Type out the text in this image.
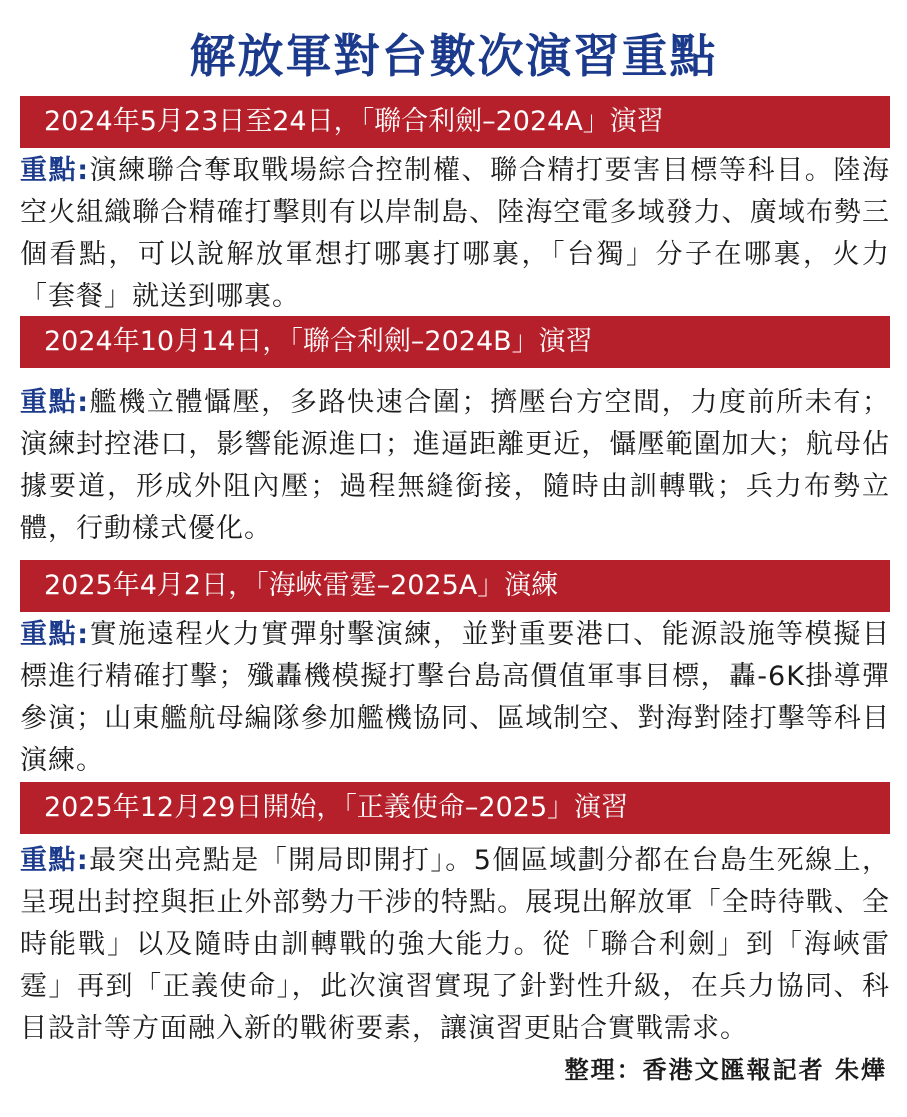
解放軍對台數次演習重點
2024年5月23日至24日，「聯合利劍–2024A」演習
重點:演練聯合奪取戰場綜合控制權、聯合精打要害目標等科目。陸海空火組織聯合精確打擊則有以岸制島、陸海空電多域發力、廣域布勢三個看點，可以說解放軍想打哪裏打哪裏，「台獨」分子在哪裏，火力「套餐」就送到哪裏。
2024年10月14日，「聯合利劍–2024B」演習
重點:艦機立體懾壓，多路快速合圍；擠壓台方空間，力度前所未有；演練封控港口，影響能源進口；進逼距離更近，懾壓範圍加大；航母佔據要道，形成外阻內壓；過程無縫銜接，隨時由訓轉戰；兵力布勢立體，行動樣式優化。
2025年4月2日，「海峽雷霆–2025A」演練
重點:實施遠程火力實彈射擊演練，並對重要港口、能源設施等模擬目標進行精確打擊；殲轟機模擬打擊台島高價值軍事目標，轟-6K掛導彈參演；山東艦航母編隊參加艦機協同、區域制空、對海對陸打擊等科目演練。
2025年12月29日開始，「正義使命–2025」演習
重點:最突出亮點是「開局即開打」。5個區域劃分都在台島生死線上，呈現出封控與拒止外部勢力干涉的特點。展現出解放軍「全時待戰、全時能戰」以及隨時由訓轉戰的強大能力。從「聯合利劍」到「海峽雷霆」再到「正義使命」，此次演習實現了針對性升級，在兵力協同、科目設計等方面融入新的戰術要素，讓演習更貼合實戰需求。
整理：香港文匯報記者 朱燁
